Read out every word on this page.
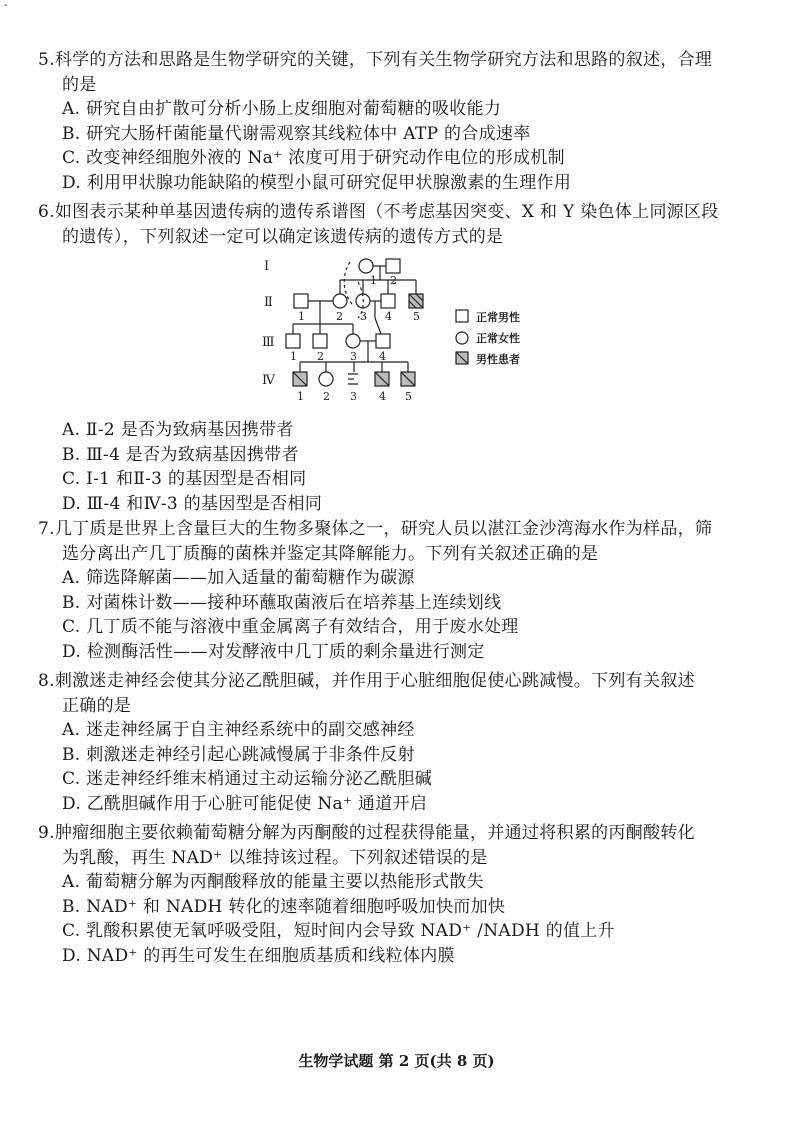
-
5.科学的方法和思路是生物学研究的关键，下列有关生物学研究方法和思路的叙述，合理
的是
A. 研究自由扩散可分析小肠上皮细胞对葡萄糖的吸收能力
B. 研究大肠杆菌能量代谢需观察其线粒体中 ATP 的合成速率
C. 改变神经细胞外液的 Na⁺ 浓度可用于研究动作电位的形成机制
D. 利用甲状腺功能缺陷的模型小鼠可研究促甲状腺激素的生理作用
6.如图表示某种单基因遗传病的遗传系谱图（不考虑基因突变、X 和 Y 染色体上同源区段
的遗传），下列叙述一定可以确定该遗传病的遗传方式的是
Ⅰ
Ⅱ
Ⅲ
Ⅳ
1 2
1	2 3 4 5
1 2 3 4
1 2 3 4 5
正常男性
正常女性
男性患者
A. Ⅱ-2 是否为致病基因携带者
B. Ⅲ-4 是否为致病基因携带者
C. Ⅰ-1 和Ⅱ-3 的基因型是否相同
D. Ⅲ-4 和Ⅳ-3 的基因型是否相同
7.几丁质是世界上含量巨大的生物多聚体之一，研究人员以湛江金沙湾海水作为样品，筛
选分离出产几丁质酶的菌株并鉴定其降解能力。下列有关叙述正确的是
A. 筛选降解菌——加入适量的葡萄糖作为碳源
B. 对菌株计数——接种环蘸取菌液后在培养基上连续划线
C. 几丁质不能与溶液中重金属离子有效结合，用于废水处理
D. 检测酶活性——对发酵液中几丁质的剩余量进行测定
8.刺激迷走神经会使其分泌乙酰胆碱，并作用于心脏细胞促使心跳减慢。下列有关叙述
正确的是
A. 迷走神经属于自主神经系统中的副交感神经
B. 刺激迷走神经引起心跳减慢属于非条件反射
C. 迷走神经纤维末梢通过主动运输分泌乙酰胆碱
D. 乙酰胆碱作用于心脏可能促使 Na⁺ 通道开启
9.肿瘤细胞主要依赖葡萄糖分解为丙酮酸的过程获得能量，并通过将积累的丙酮酸转化
为乳酸，再生 NAD⁺ 以维持该过程。下列叙述错误的是
A. 葡萄糖分解为丙酮酸释放的能量主要以热能形式散失
B. NAD⁺ 和 NADH 转化的速率随着细胞呼吸加快而加快
C. 乳酸积累使无氧呼吸受阻，短时间内会导致 NAD⁺ /NADH 的值上升
D. NAD⁺ 的再生可发生在细胞质基质和线粒体内膜
生物学试题 第 2 页(共 8 页)
